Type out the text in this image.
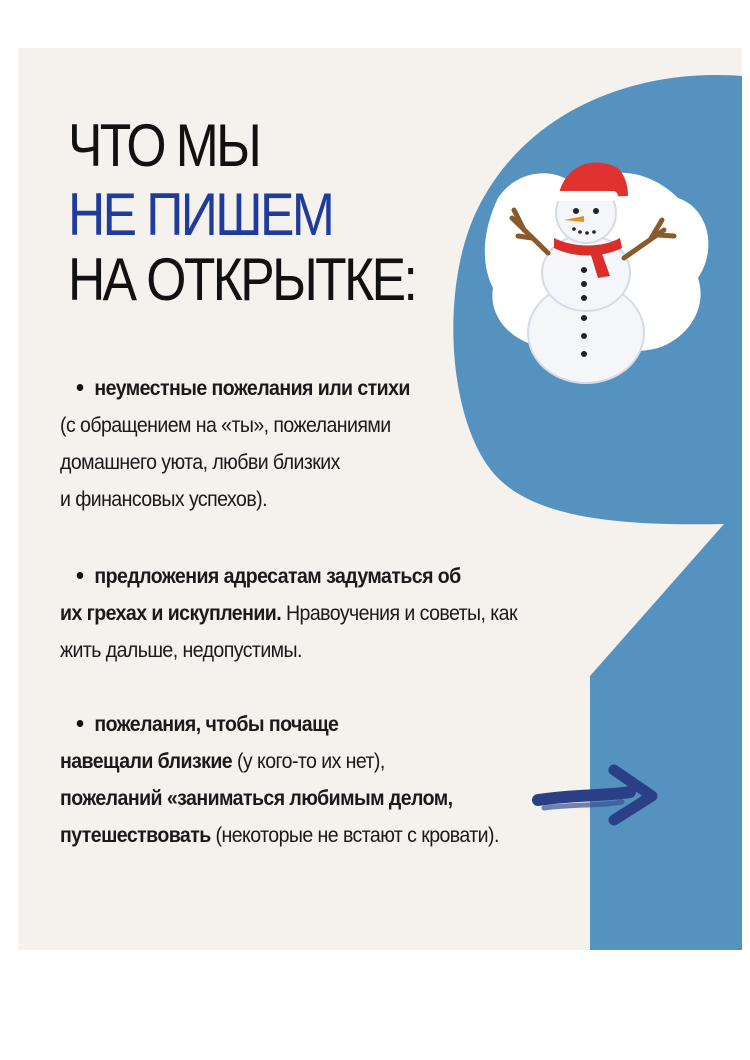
ЧТО МЫ
НЕ ПИШЕМ
НА ОТКРЫТКЕ:
неуместные пожелания или стихи
(с обращением на «ты», пожеланиями
домашнего уюта, любви близких
и финансовых успехов).
предложения адресатам задуматься об
их грехах и искуплении. Нравоучения и советы, как
жить дальше, недопустимы.
пожелания, чтобы почаще
навещали близкие (у кого-то их нет),
пожеланий «заниматься любимым делом,
путешествовать (некоторые не встают с кровати).
